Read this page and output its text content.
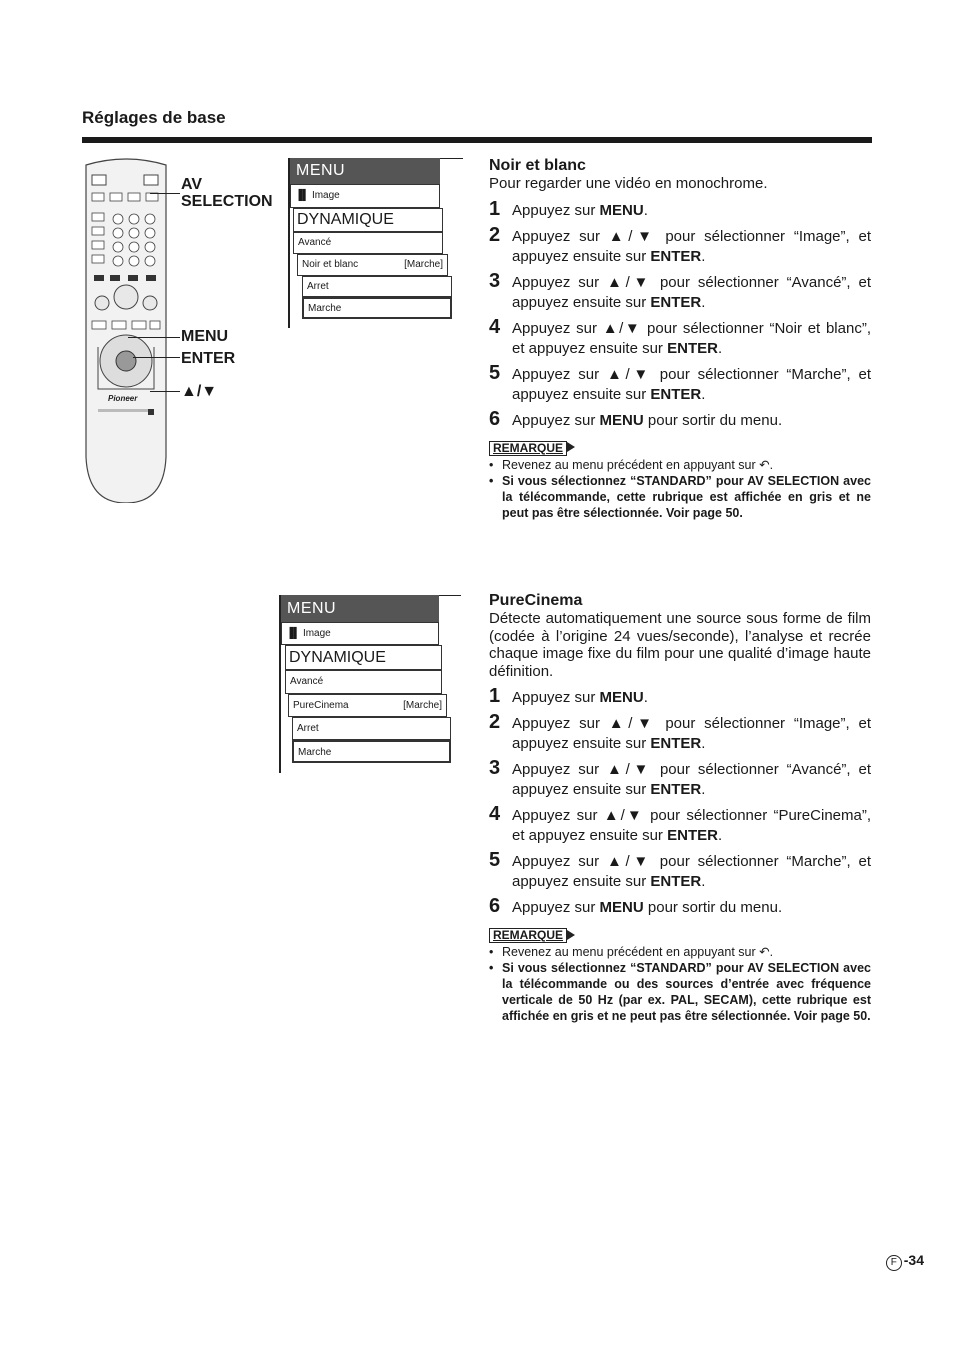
Réglages de base
Pioneer
AV
SELECTION
MENU
ENTER
▲/▼
MENU
▐▌ Image
DYNAMIQUE
Avancé
Noir et blanc	[Marche]
Arret
Marche
MENU
▐▌ Image
DYNAMIQUE
Avancé
PureCinema	[Marche]
Arret
Marche
Noir et blanc
Pour regarder une vidéo en monochrome.
1 Appuyez sur MENU.
2 Appuyez sur ▲/▼ pour sélectionner “Image”, et appuyez ensuite sur ENTER.
3 Appuyez sur ▲/▼ pour sélectionner “Avancé”, et appuyez ensuite sur ENTER.
4 Appuyez sur ▲/▼ pour sélectionner “Noir et blanc”, et appuyez ensuite sur ENTER.
5 Appuyez sur ▲/▼ pour sélectionner “Marche”, et appuyez ensuite sur ENTER.
6 Appuyez sur MENU pour sortir du menu.
REMARQUE
• Revenez au menu précédent en appuyant sur ↶.
• Si vous sélectionnez “STANDARD” pour AV SELECTION avec la télécommande, cette rubrique est affichée en gris et ne peut pas être sélectionnée. Voir page 50.
PureCinema
Détecte automatiquement une source sous forme de film (codée à l’origine 24 vues/seconde), l’analyse et recrée chaque image fixe du film pour une qualité d’image haute définition.
1 Appuyez sur MENU.
2 Appuyez sur ▲/▼ pour sélectionner “Image”, et appuyez ensuite sur ENTER.
3 Appuyez sur ▲/▼ pour sélectionner “Avancé”, et appuyez ensuite sur ENTER.
4 Appuyez sur ▲/▼ pour sélectionner “PureCinema”, et appuyez ensuite sur ENTER.
5 Appuyez sur ▲/▼ pour sélectionner “Marche”, et appuyez ensuite sur ENTER.
6 Appuyez sur MENU pour sortir du menu.
REMARQUE
• Revenez au menu précédent en appuyant sur ↶.
• Si vous sélectionnez “STANDARD” pour AV SELECTION avec la télécommande ou des sources d’entrée avec fréquence verticale de 50 Hz (par ex. PAL, SECAM), cette rubrique est affichée en gris et ne peut pas être sélectionnée. Voir page 50.
F -34
